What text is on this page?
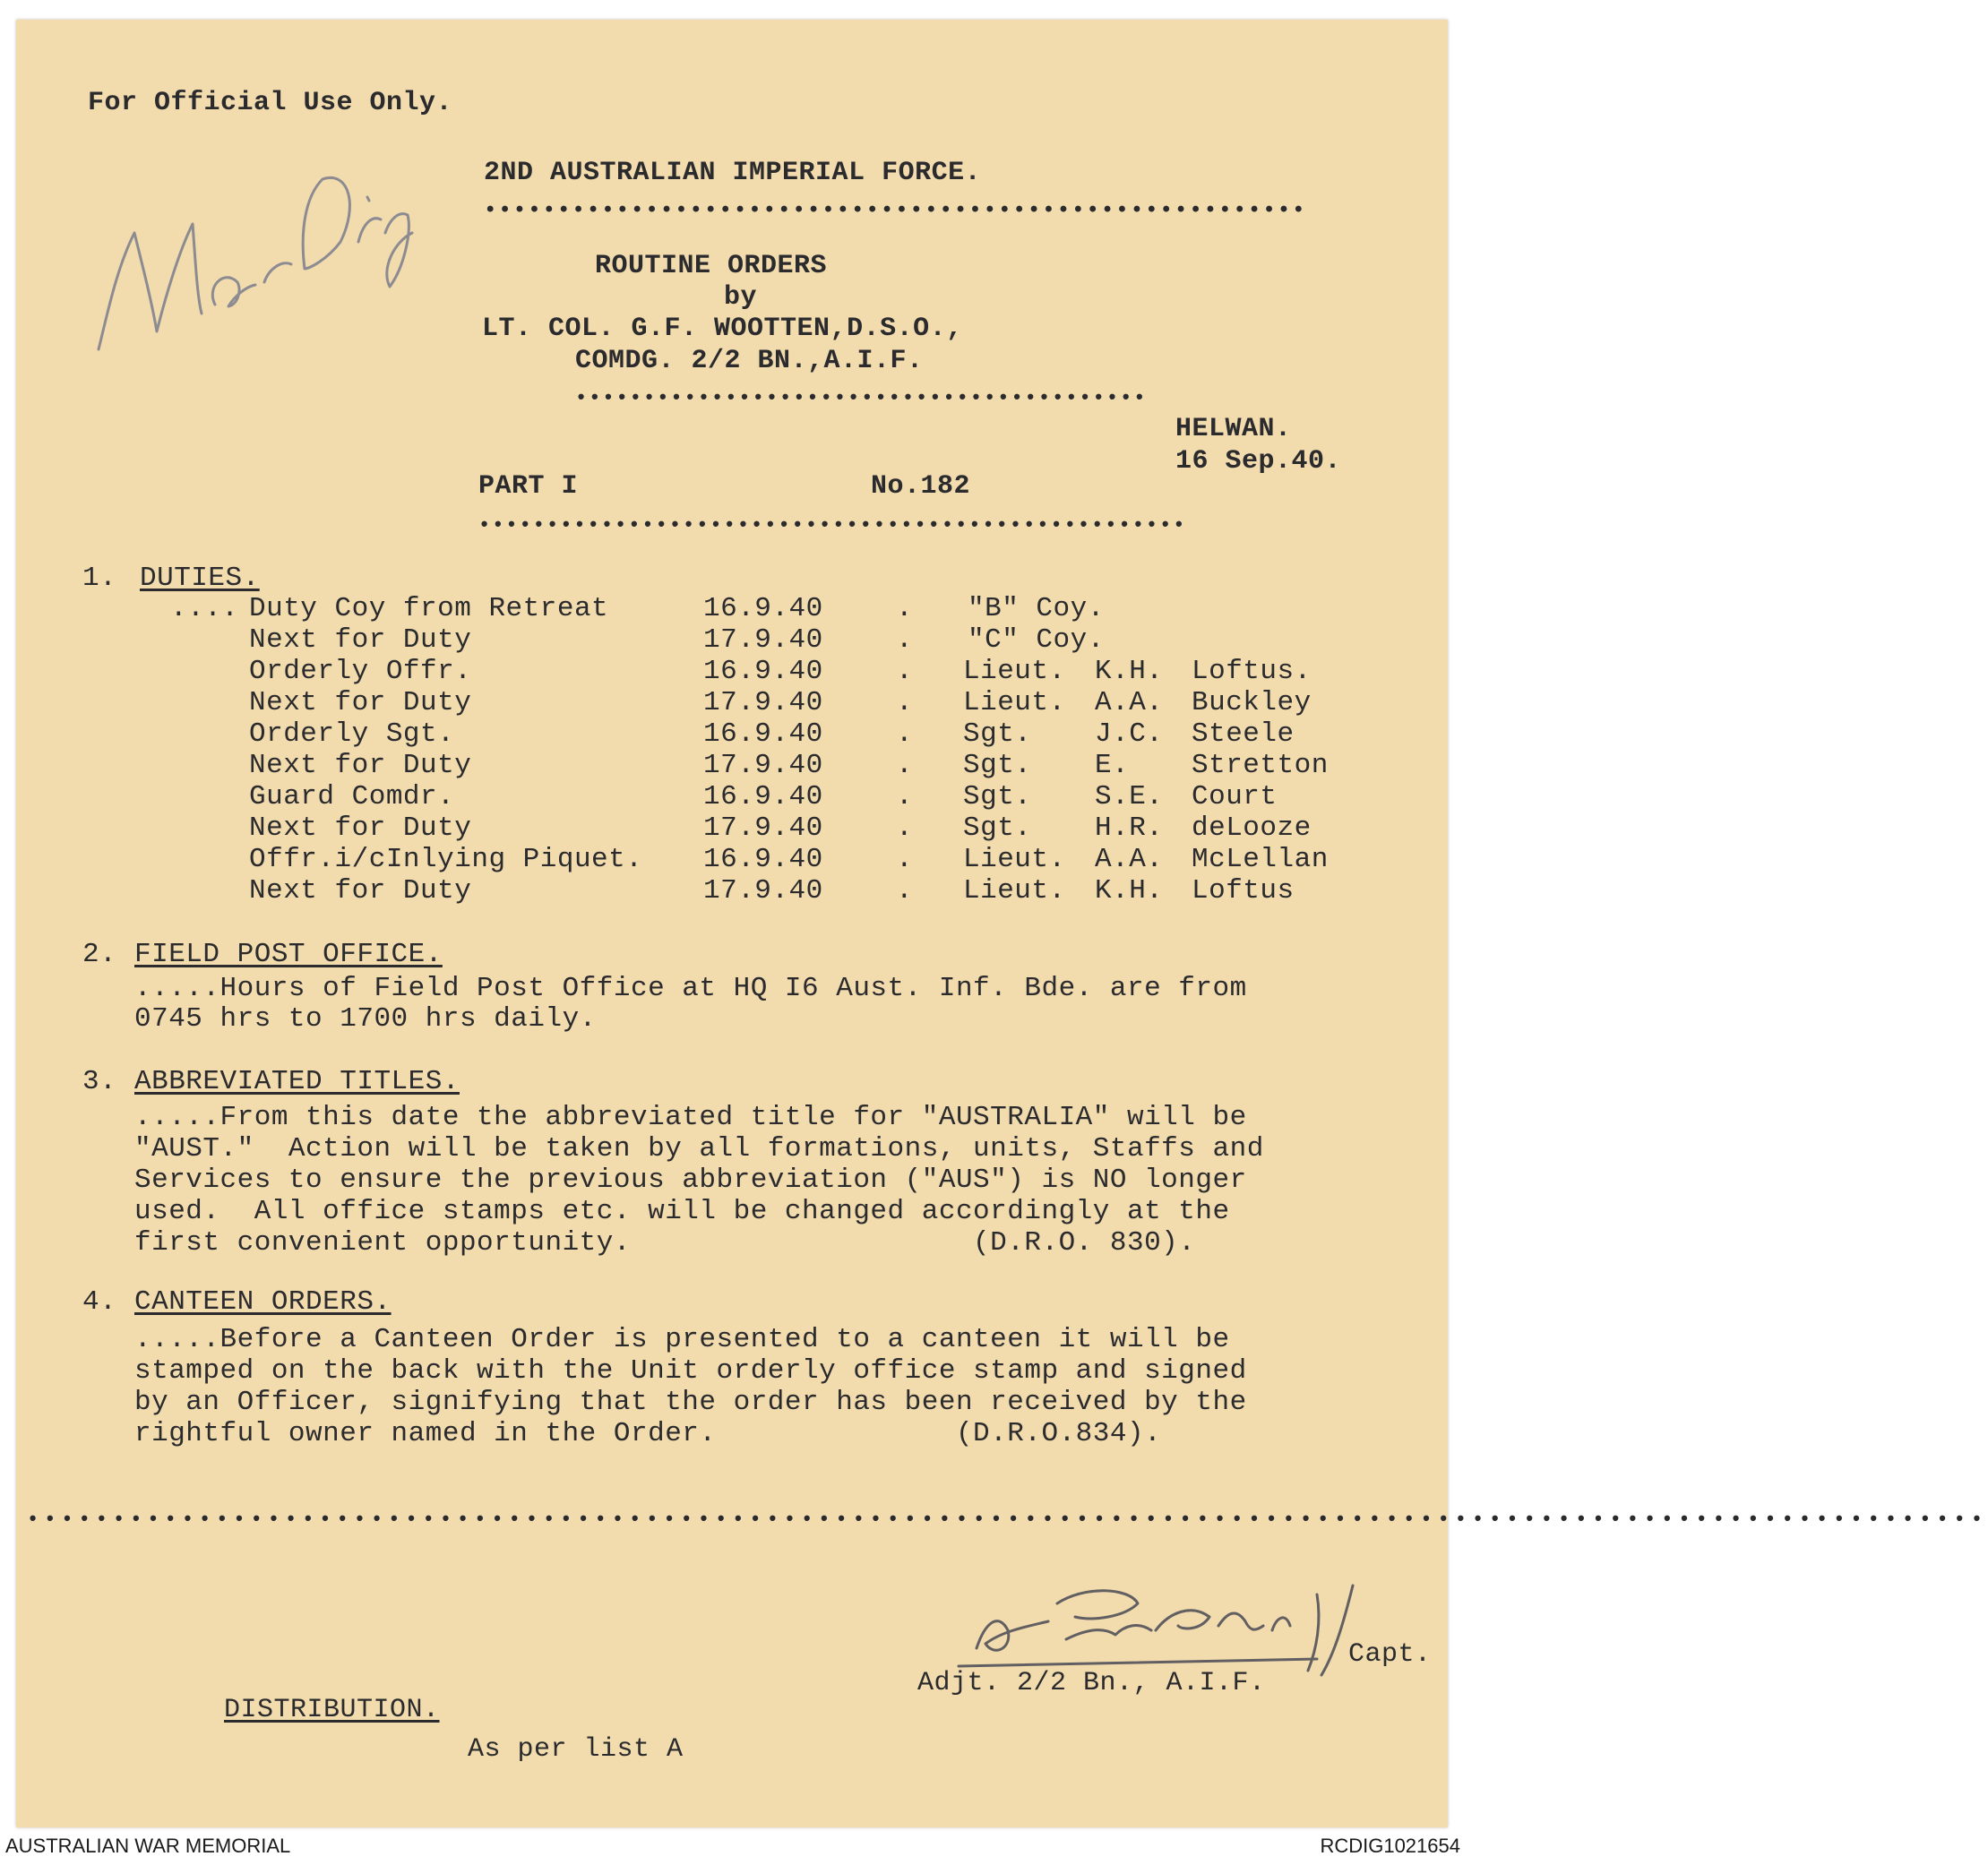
For Official Use Only.
2ND AUSTRALIAN IMPERIAL FORCE.
••••••••••••••••••••••••••••••••••••••••••••••••••••••••
ROUTINE ORDERS
by
LT. COL. G.F. WOOTTEN,D.S.O.,
COMDG. 2/2 BN.,A.I.F.
••••••••••••••••••••••••••••••••••••••••••
HELWAN.
16 Sep.40.
PART I	No.182
••••••••••••••••••••••••••••••••••••••••••••••••••••
1. DUTIES.
.... Duty Coy from Retreat	16.9.40	. "B" Coy.
Next for Duty	17.9.40	. "C" Coy.
Orderly Offr.	16.9.40	. Lieut. K.H. Loftus.
Next for Duty	17.9.40	. Lieut. A.A. Buckley
Orderly Sgt.	16.9.40	. Sgt. J.C. Steele
Next for Duty	17.9.40	. Sgt. E. Stretton
Guard Comdr.	16.9.40	. Sgt. S.E. Court
Next for Duty	17.9.40	. Sgt. H.R. deLooze
Offr.i/cInlying Piquet. 16.9.40	. Lieut. A.A. McLellan
Next for Duty	17.9.40	. Lieut. K.H. Loftus
2. FIELD POST OFFICE.
.....Hours of Field Post Office at HQ I6 Aust. Inf. Bde. are from
0745 hrs to 1700 hrs daily.
3. ABBREVIATED TITLES.
.....From this date the abbreviated title for "AUSTRALIA" will be
"AUST."  Action will be taken by all formations, units, Staffs and
Services to ensure the previous abbreviation ("AUS") is NO longer
used.  All office stamps etc. will be changed accordingly at the
first convenient opportunity.                    (D.R.O. 830).
4. CANTEEN ORDERS.
.....Before a Canteen Order is presented to a canteen it will be
stamped on the back with the Unit orderly office stamp and signed
by an Officer, signifying that the order has been received by the
rightful owner named in the Order.              (D.R.O.834).
••••••••••••••••••••••••••••••••••••••••••••••••••••••••••••••••••••••••••••••••••••••••••••••••••••••••••••••••••
Capt.
Adjt. 2/2 Bn., A.I.F.
DISTRIBUTION.
As per list A
AUSTRALIAN WAR MEMORIAL	RCDIG1021654
